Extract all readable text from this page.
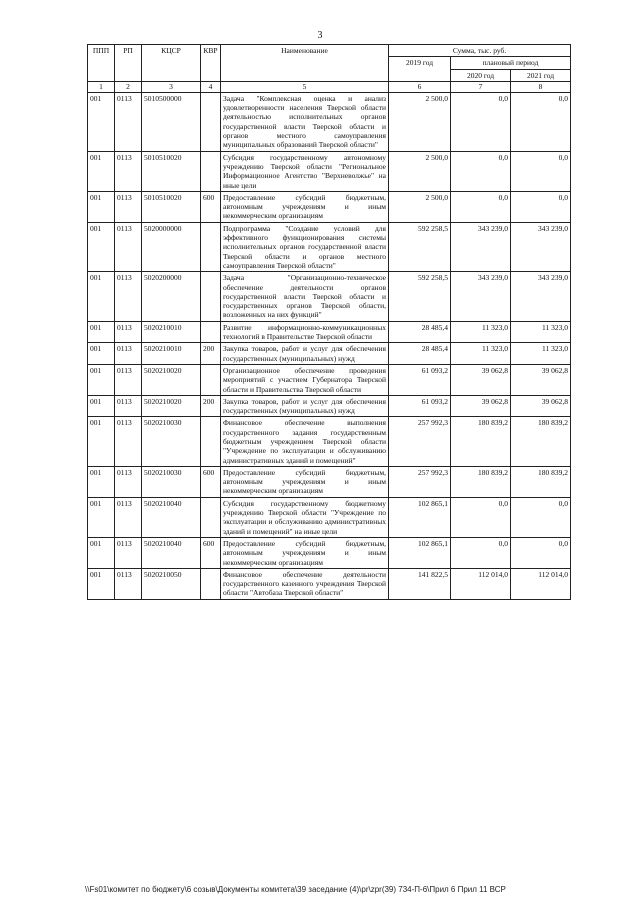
3
ППП	РП	КЦСР	КВР	Наименование	Сумма, тыс. руб.		
					2019 год	плановый период	
						2020 год	2021 год
1	2	3	4	5	6	7	8
001	0113	5010500000		Задача "Комплексная оценка и анализ удовлетворенности населения Тверской области деятельностью исполнительных органов государственной власти Тверской области и органов местного самоуправления муниципальных образований Тверской области"	2 500,0	0,0	0,0
001	0113	5010510020		Субсидия государственному автономному учреждению Тверской области "Региональное Информационное Агентство "Верхневолжье" на иные цели	2 500,0	0,0	0,0
001	0113	5010510020	600	Предоставление субсидий бюджетным, автономным учреждениям и иным некоммерческим организациям	2 500,0	0,0	0,0
001	0113	5020000000		Подпрограмма "Создание условий для эффективного функционирования системы исполнительных органов государственной власти Тверской области и органов местного самоуправления Тверской области"	592 258,5	343 239,0	343 239,0
001	0113	5020200000		Задача "Организационно-техническое обеспечение деятельности органов государственной власти Тверской области и государственных органов Тверской области, возложенных на них функций"	592 258,5	343 239,0	343 239,0
001	0113	5020210010		Развитие информационно-коммуникационных технологий в Правительстве Тверской области	28 485,4	11 323,0	11 323,0
001	0113	5020210010	200	Закупка товаров, работ и услуг для обеспечения государственных (муниципальных) нужд	28 485,4	11 323,0	11 323,0
001	0113	5020210020		Организационное обеспечение проведения мероприятий с участием Губернатора Тверской области и Правительства Тверской области	61 093,2	39 062,8	39 062,8
001	0113	5020210020	200	Закупка товаров, работ и услуг для обеспечения государственных (муниципальных) нужд	61 093,2	39 062,8	39 062,8
001	0113	5020210030		Финансовое обеспечение выполнения государственного задания государственным бюджетным учреждением Тверской области "Учреждение по эксплуатации и обслуживанию административных зданий и помещений"	257 992,3	180 839,2	180 839,2
001	0113	5020210030	600	Предоставление субсидий бюджетным, автономным учреждениям и иным некоммерческим организациям	257 992,3	180 839,2	180 839,2
001	0113	5020210040		Субсидия государственному бюджетному учреждению Тверской области "Учреждение по эксплуатации и обслуживанию административных зданий и помещений" на иные цели	102 865,1	0,0	0,0
001	0113	5020210040	600	Предоставление субсидий бюджетным, автономным учреждениям и иным некоммерческим организациям	102 865,1	0,0	0,0
001	0113	5020210050		Финансовое обеспечение деятельности государственного казенного учреждения Тверской области "Автобаза Тверской области"	141 822,5	112 014,0	112 014,0
\\Fs01\комитет по бюджету\6 созыв\Документы комитета\39 заседание (4)\pr\zpr(39) 734-П-6\Прил 6 Прил 11 ВСР
